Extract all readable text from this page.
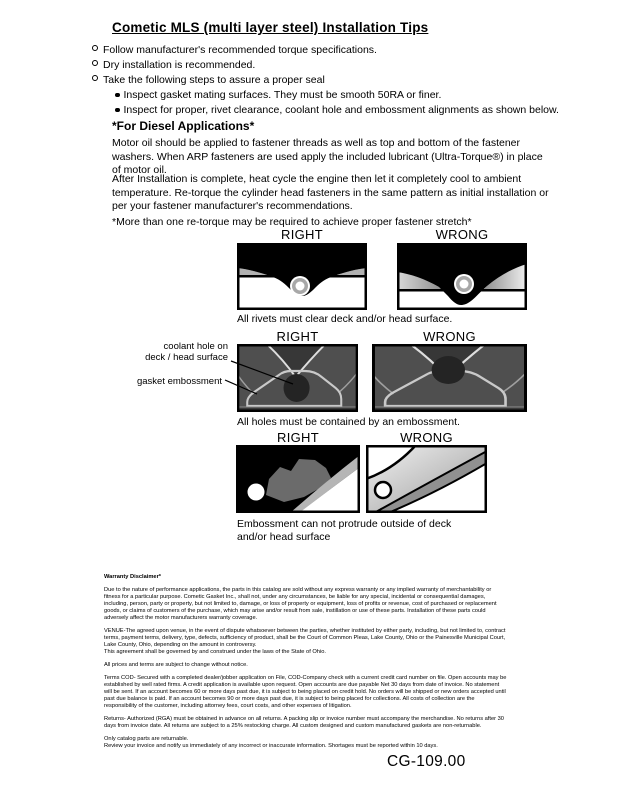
Cometic MLS (multi layer steel) Installation Tips
Follow manufacturer's recommended torque specifications.
Dry installation is recommended.
Take the following steps to assure a proper seal
Inspect gasket mating surfaces. They must be smooth 50RA or finer.
Inspect for proper, rivet clearance, coolant hole and embossment alignments as shown below.
*For Diesel Applications*
Motor oil should be applied to fastener threads as well as top and bottom of the fastener washers. When ARP fasteners are used apply the included lubricant (Ultra-Torque®) in place of motor oil.
After Installation is complete, heat cycle the engine then let it completely cool to ambient temperature. Re-torque the cylinder head fasteners in the same pattern as initial installation or per your fastener manufacturer's recommendations.
*More than one re-torque may be required to achieve proper fastener stretch*
RIGHT	WRONG
All rivets must clear deck and/or head surface.
RIGHT	WRONG
coolant hole on
deck / head surface
gasket embossment
All holes must be contained by an embossment.
RIGHT	WRONG
Embossment can not protrude outside of deck
and/or head surface
Warranty Disclaimer*
Due to the nature of performance applications, the parts in this catalog are sold without any express warranty or any implied warranty of merchantability or fitness for a particular purpose. Cometic Gasket Inc., shall not, under any circumstances, be liable for any special, incidental or consequential damages, including, person, party or property, but not limited to, damage, or loss of property or equipment, loss of profits or revenue, cost of purchased or replacement goods, or claims of customers of the purchase, which may arise and/or result from sale, instillation or use of these parts. Installation of these parts could adversely affect the motor manufacturers warranty coverage.
VENUE-The agreed upon venue, in the event of dispute whatsoever between the parties, whether instituted by either party, including, but not limited to, contract terms, payment terms, delivery, type, defects, sufficiency of product, shall be the Court of Common Pleas, Lake County, Ohio or the Painesville Municipal Court, Lake County, Ohio, depending on the amount in controversy.
This agreement shall be governed by and construed under the laws of the State of Ohio.
All prices and terms are subject to change without notice.
Terms COD- Secured with a completed dealer/jobber application on File, COD-Company check with a current credit card number on file. Open accounts may be established by well rated firms. A credit application is available upon request. Open accounts are due payable Net 30 days from date of invoice. No statement will be sent. If an account becomes 60 or more days past due, it is subject to being placed on credit hold. No orders will be shipped or new orders accepted until past due balance is paid. If an account becomes 90 or more days past due, it is subject to being placed for collections. All costs of collection are the responsibility of the customer, including attorney fees, court costs, and other expenses of litigation.
Returns- Authorized (RGA) must be obtained in advance on all returns. A packing slip or invoice number must accompany the merchandise. No returns after 30 days from invoice date. All returns are subject to a 25% restocking charge. All custom designed and custom manufactured gaskets are non-returnable.
Only catalog parts are returnable.
Review your invoice and notify us immediately of any incorrect or inaccurate information. Shortages must be reported within 10 days.
CG-109.00
